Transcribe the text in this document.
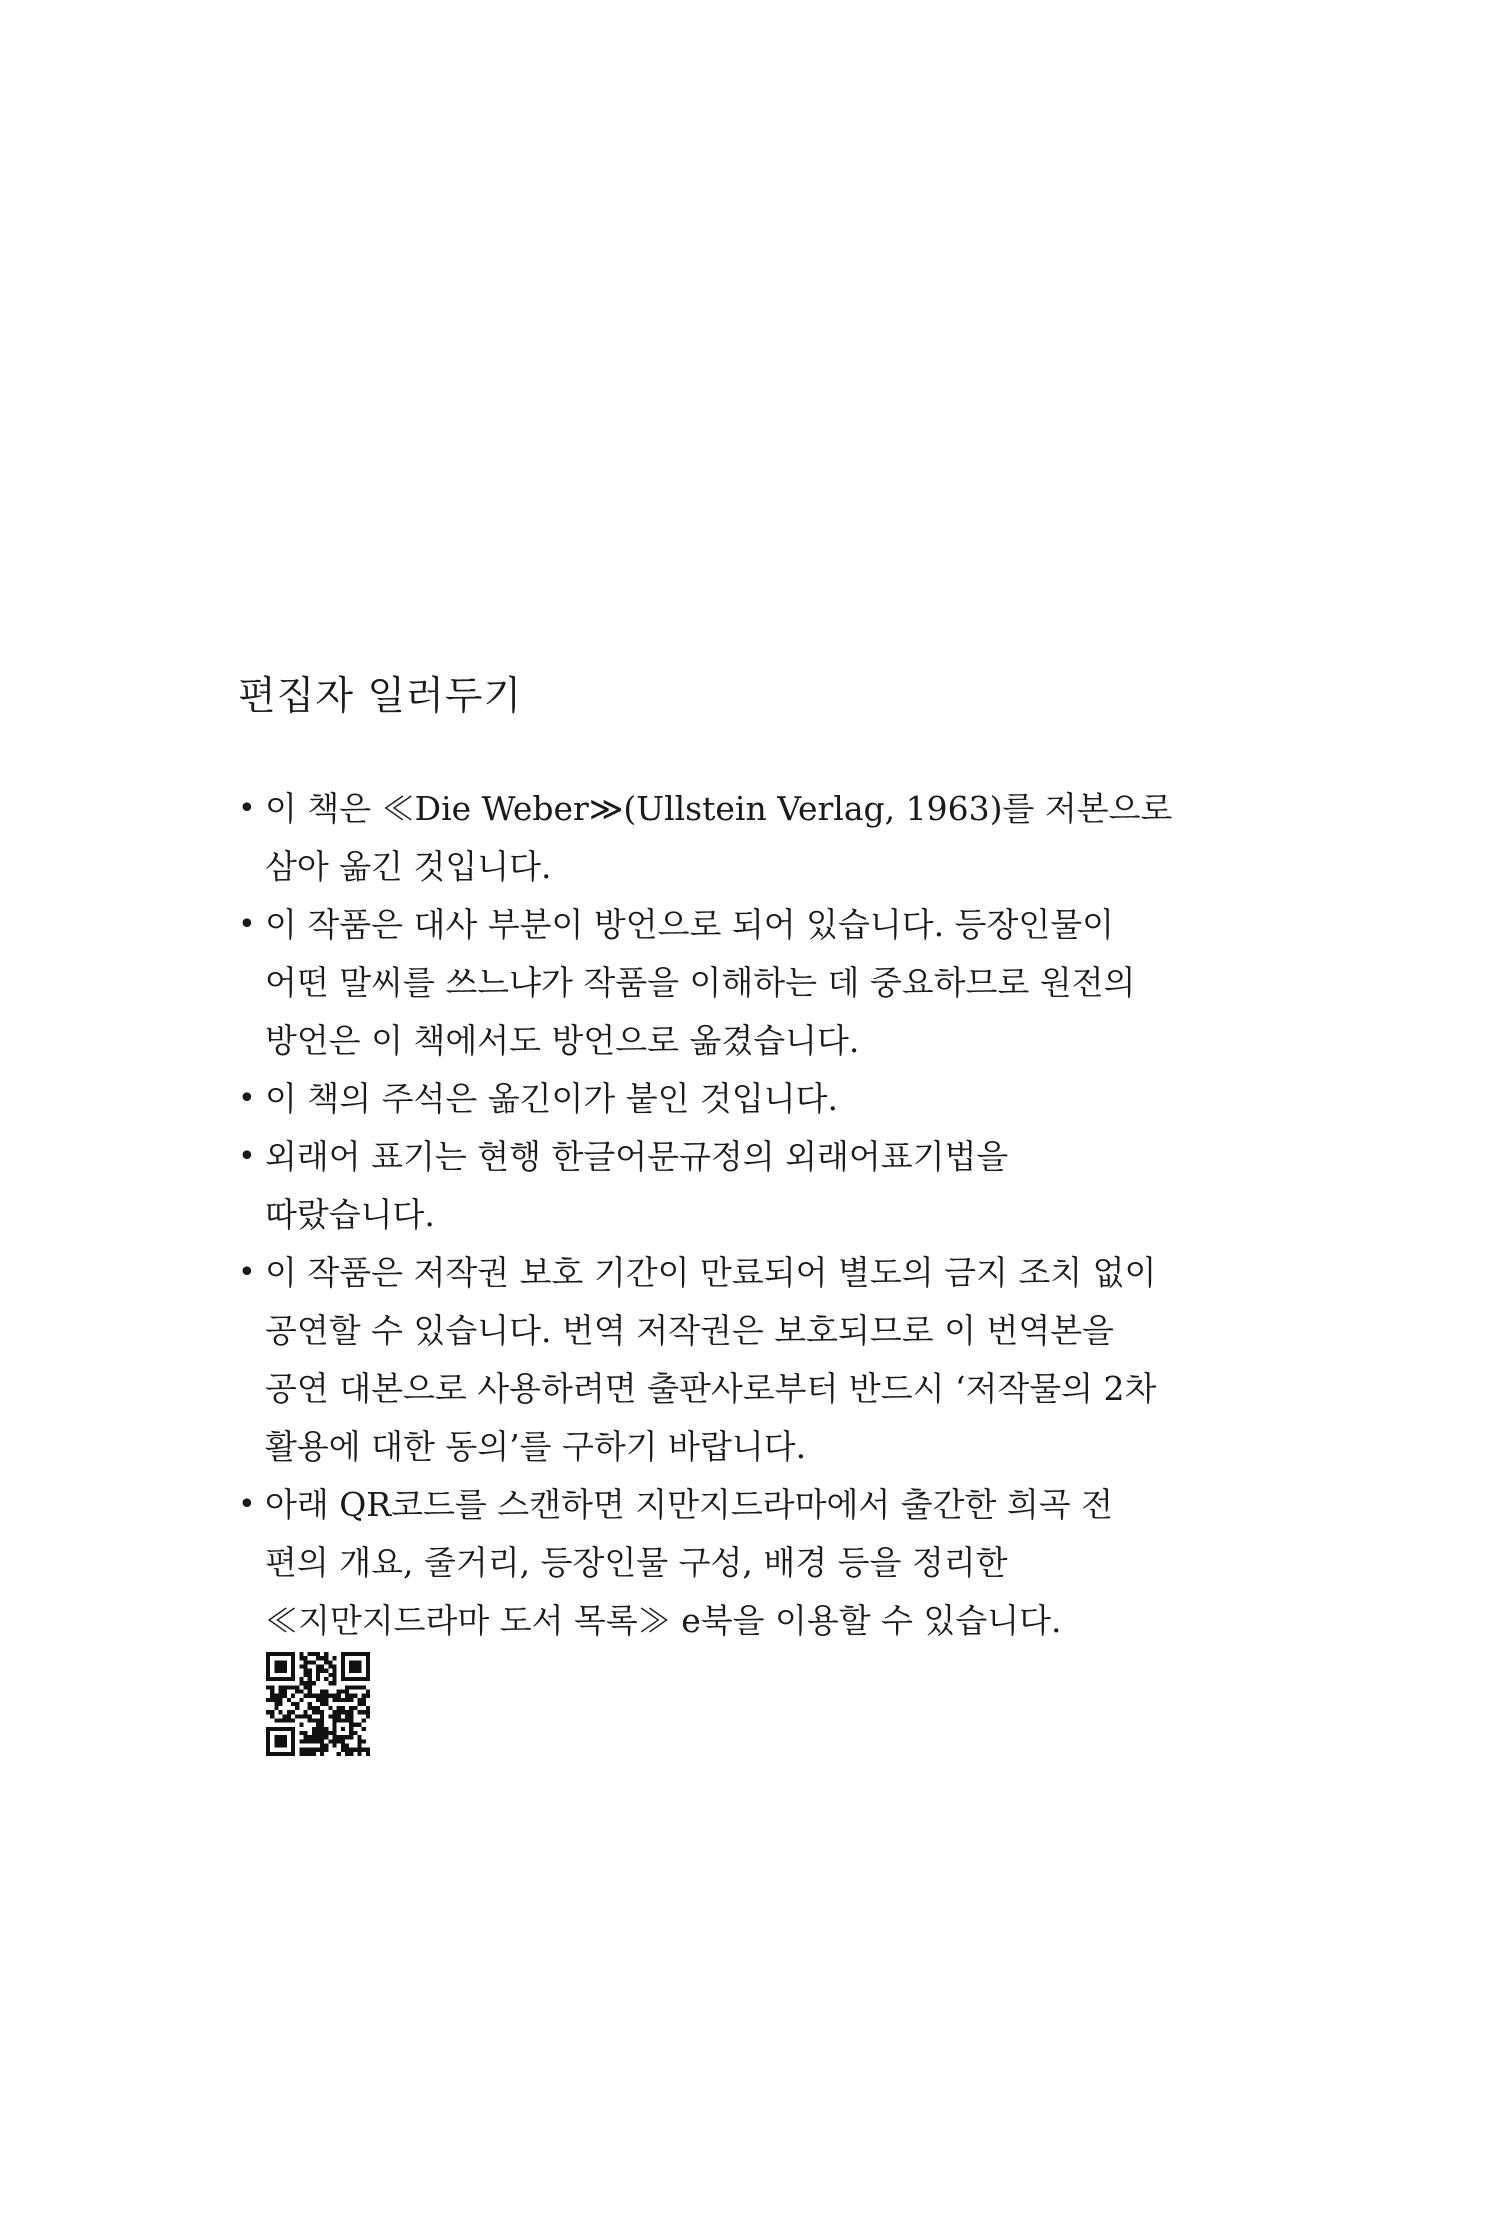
편집자 일러두기
• 이 책은 ≪Die Weber≫(Ullstein Verlag, 1963)를 저본으로
삼아 옮긴 것입니다.
• 이 작품은 대사 부분이 방언으로 되어 있습니다. 등장인물이
어떤 말씨를 쓰느냐가 작품을 이해하는 데 중요하므로 원전의
방언은 이 책에서도 방언으로 옮겼습니다.
• 이 책의 주석은 옮긴이가 붙인 것입니다.
• 외래어 표기는 현행 한글어문규정의 외래어표기법을
따랐습니다.
• 이 작품은 저작권 보호 기간이 만료되어 별도의 금지 조치 없이
공연할 수 있습니다. 번역 저작권은 보호되므로 이 번역본을
공연 대본으로 사용하려면 출판사로부터 반드시 ‘저작물의 2차
활용에 대한 동의’를 구하기 바랍니다.
• 아래 QR코드를 스캔하면 지만지드라마에서 출간한 희곡 전
편의 개요, 줄거리, 등장인물 구성, 배경 등을 정리한
≪지만지드라마 도서 목록≫ e북을 이용할 수 있습니다.
